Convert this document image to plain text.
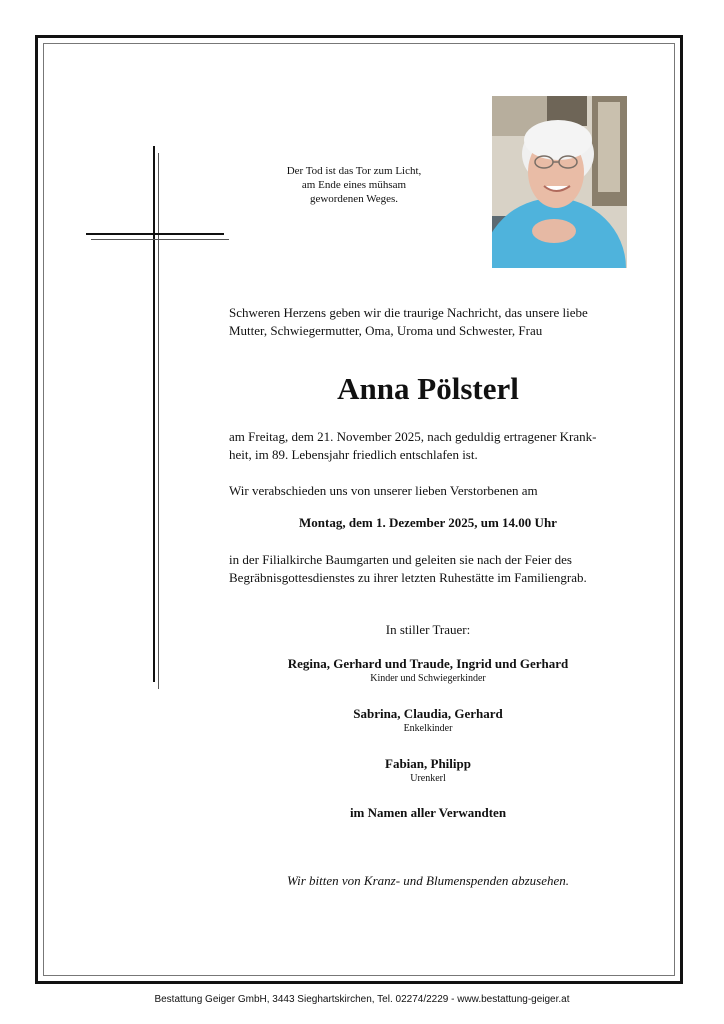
Der Tod ist das Tor zum Licht,
am Ende eines mühsam
gewordenen Weges.
Schweren Herzens geben wir die traurige Nachricht, das unsere liebe
Mutter, Schwiegermutter, Oma, Uroma und Schwester, Frau
Anna Pölsterl
am Freitag, dem 21. November 2025, nach geduldig ertragener Krank-
heit, im 89. Lebensjahr friedlich entschlafen ist.
Wir verabschieden uns von unserer lieben Verstorbenen am
Montag, dem 1. Dezember 2025, um 14.00 Uhr
in der Filialkirche Baumgarten und geleiten sie nach der Feier des
Begräbnisgottesdienstes zu ihrer letzten Ruhestätte im Familiengrab.
In stiller Trauer:
Regina, Gerhard und Traude, Ingrid und Gerhard
Kinder und Schwiegerkinder
Sabrina, Claudia, Gerhard
Enkelkinder
Fabian, Philipp
Urenkerl
im Namen aller Verwandten
Wir bitten von Kranz- und Blumenspenden abzusehen.
Bestattung Geiger GmbH, 3443 Sieghartskirchen, Tel. 02274/2229 - www.bestattung-geiger.at
